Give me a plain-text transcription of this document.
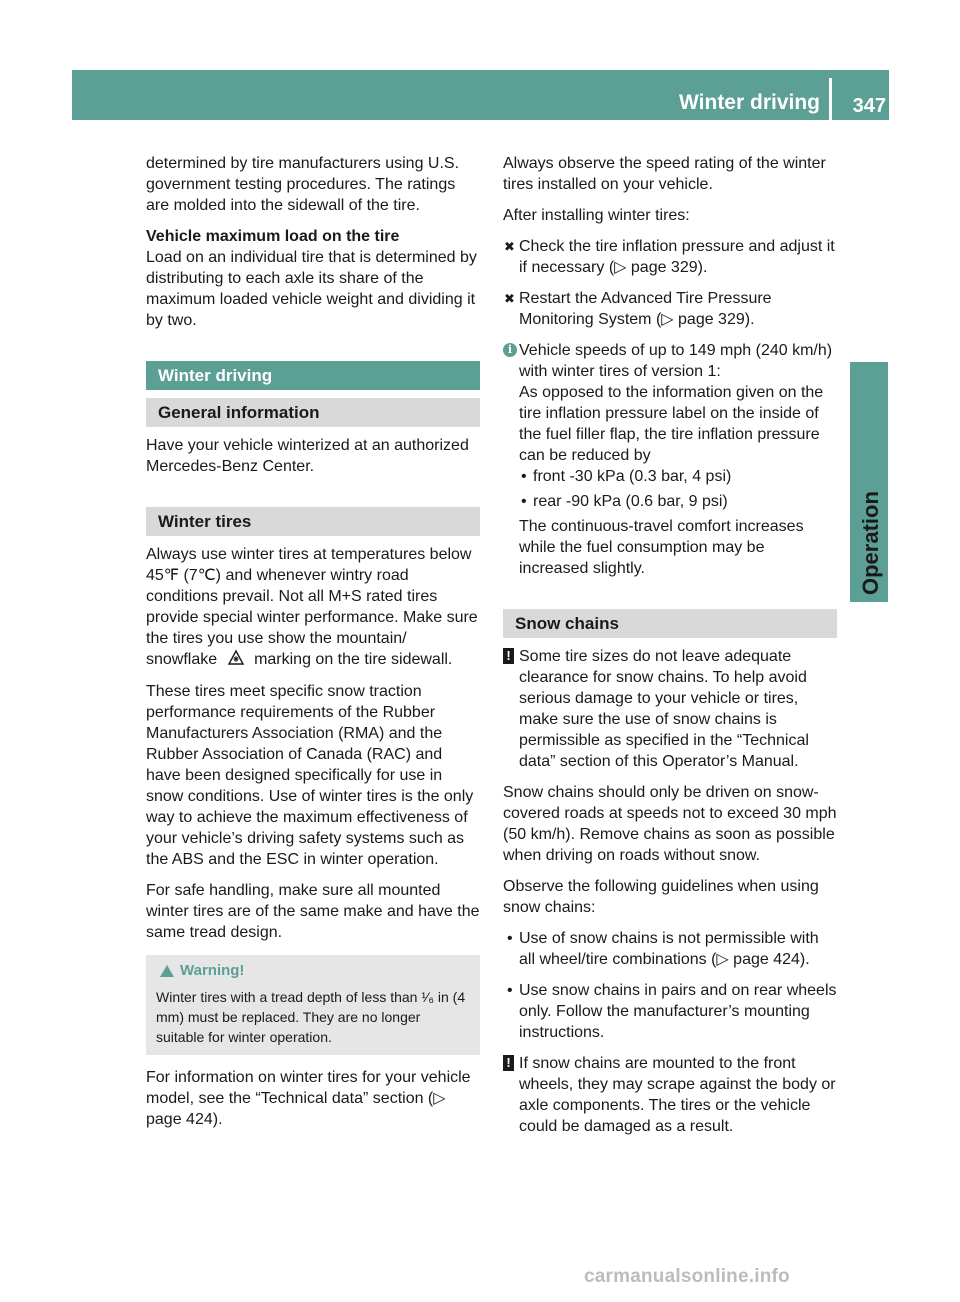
Winter driving 347
Operation

determined by tire manufacturers using U.S. government testing procedures. The ratings are molded into the sidewall of the tire.

Vehicle maximum load on the tire

Load on an individual tire that is determined by distributing to each axle its share of the maximum loaded vehicle weight and dividing it by two.

Winter driving
General information

Have your vehicle winterized at an authorized Mercedes-Benz Center.

Winter tires

Always use winter tires at temperatures below 45℉ (7℃) and whenever wintry road conditions prevail. Not all M+S rated tires provide special winter performance. Make sure the tires you use show the mountain/ snowflake marking on the tire sidewall.

These tires meet specific snow traction performance requirements of the Rubber Manufacturers Association (RMA) and the Rubber Association of Canada (RAC) and have been designed specifically for use in snow conditions. Use of winter tires is the only way to achieve the maximum effectiveness of your vehicle’s driving safety systems such as the ABS and the ESC in winter operation.

For safe handling, make sure all mounted winter tires are of the same make and have the same tread design.

Warning!
Winter tires with a tread depth of less than ¹⁄₆ in (4 mm) must be replaced. They are no longer suitable for winter operation.

For information on winter tires for your vehicle model, see the “Technical data” section (▷ page 424).

Always observe the speed rating of the winter tires installed on your vehicle.

After installing winter tires:

✖ Check the tire inflation pressure and adjust it if necessary (▷ page 329).
✖ Restart the Advanced Tire Pressure Monitoring System (▷ page 329).
i Vehicle speeds of up to 149 mph (240 km/h) with winter tires of version 1:
As opposed to the information given on the tire inflation pressure label on the inside of the fuel filler flap, the tire inflation pressure can be reduced by
• front -30 kPa (0.3 bar, 4 psi)
• rear -90 kPa (0.6 bar, 9 psi)
The continuous-travel comfort increases while the fuel consumption may be increased slightly.
Snow chains
! Some tire sizes do not leave adequate clearance for snow chains. To help avoid serious damage to your vehicle or tires, make sure the use of snow chains is permissible as specified in the “Technical data” section of this Operator’s Manual.

Snow chains should only be driven on snow-covered roads at speeds not to exceed 30 mph (50 km/h). Remove chains as soon as possible when driving on roads without snow.

Observe the following guidelines when using snow chains:

• Use of snow chains is not permissible with all wheel/tire combinations (▷ page 424).
• Use snow chains in pairs and on rear wheels only. Follow the manufacturer’s mounting instructions.
! If snow chains are mounted to the front wheels, they may scrape against the body or axle components. The tires or the vehicle could be damaged as a result.
carmanualsonline.info
